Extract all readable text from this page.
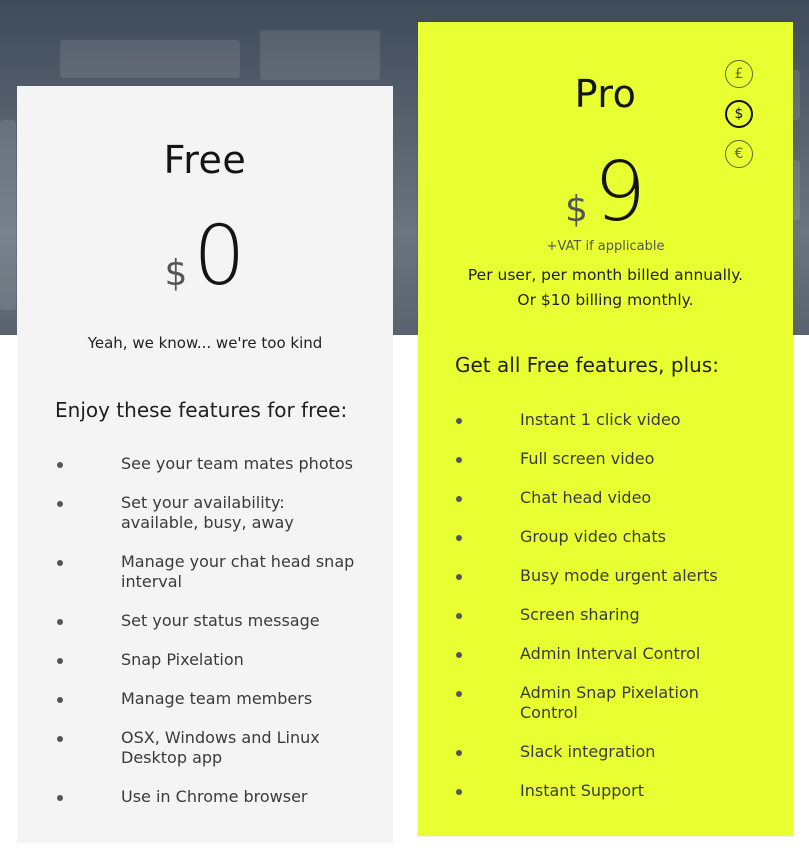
Free
$0
Yeah, we know... we're too kind
Enjoy these features for free:
See your team mates photos
Set your availability: available, busy, away
Manage your chat head snap interval
Set your status message
Snap Pixelation
Manage team members
OSX, Windows and Linux Desktop app
Use in Chrome browser
Pro	£
$
€
$9
+VAT if applicable
Per user, per month billed annually.
Or $10 billing monthly.
Get all Free features, plus:
Instant 1 click video
Full screen video
Chat head video
Group video chats
Busy mode urgent alerts
Screen sharing
Admin Interval Control
Admin Snap Pixelation Control
Slack integration
Instant Support
